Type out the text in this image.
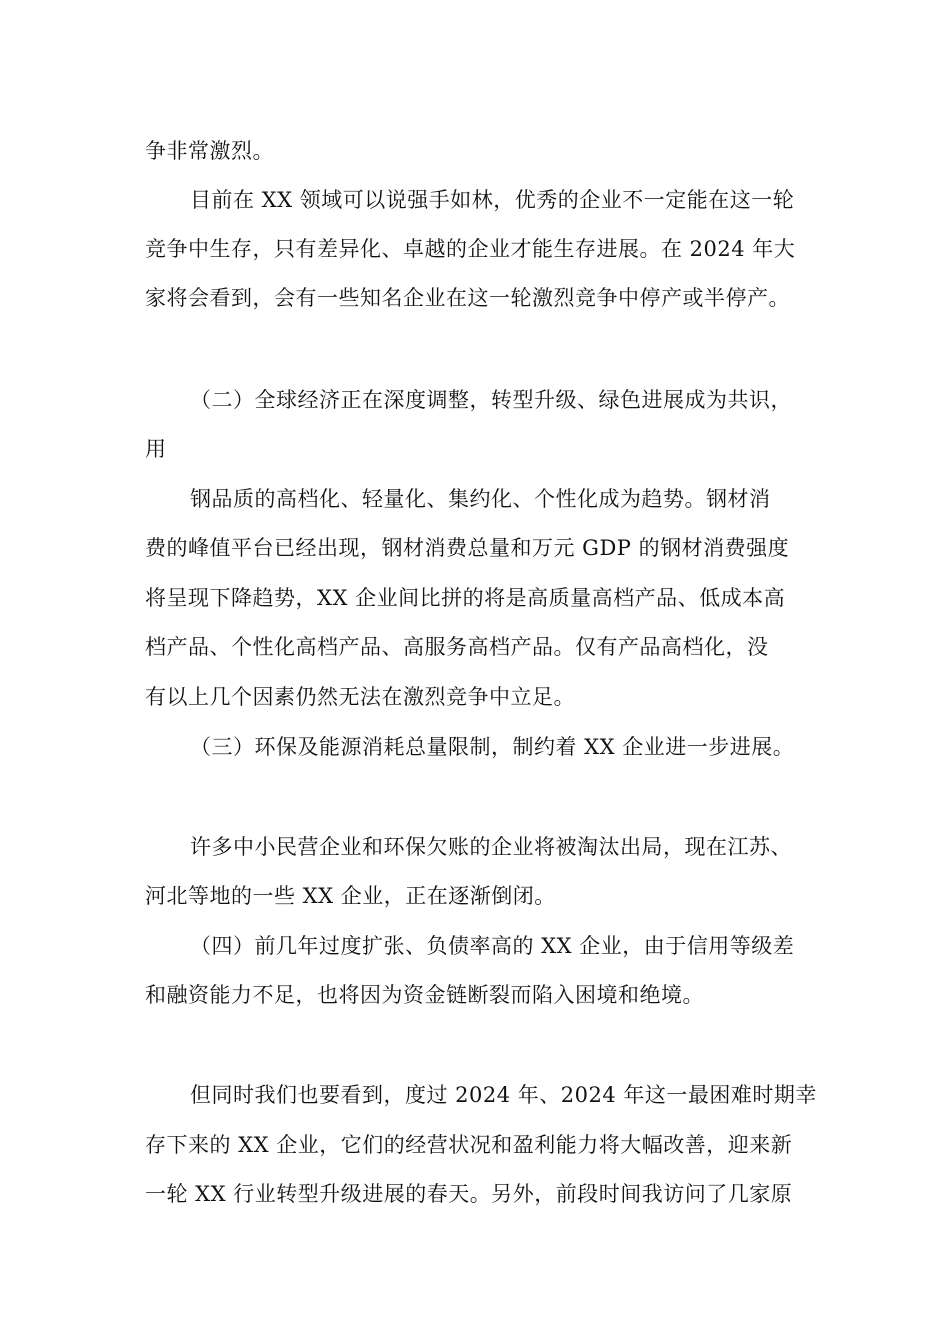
争非常激烈。
目前在 XX 领域可以说强手如林，优秀的企业不一定能在这一轮
竞争中生存，只有差异化、卓越的企业才能生存进展。在 2024 年大
家将会看到，会有一些知名企业在这一轮激烈竞争中停产或半停产。
（二）全球经济正在深度调整，转型升级、绿色进展成为共识，
用
钢品质的高档化、轻量化、集约化、个性化成为趋势。钢材消
费的峰值平台已经出现，钢材消费总量和万元 GDP 的钢材消费强度
将呈现下降趋势，XX 企业间比拼的将是高质量高档产品、低成本高
档产品、个性化高档产品、高服务高档产品。仅有产品高档化，没
有以上几个因素仍然无法在激烈竞争中立足。
（三）环保及能源消耗总量限制，制约着 XX 企业进一步进展。
许多中小民营企业和环保欠账的企业将被淘汰出局，现在江苏、
河北等地的一些 XX 企业，正在逐渐倒闭。
（四）前几年过度扩张、负债率高的 XX 企业，由于信用等级差
和融资能力不足，也将因为资金链断裂而陷入困境和绝境。
但同时我们也要看到，度过 2024 年、2024 年这一最困难时期幸
存下来的 XX 企业，它们的经营状况和盈利能力将大幅改善，迎来新
一轮 XX 行业转型升级进展的春天。另外，前段时间我访问了几家原
